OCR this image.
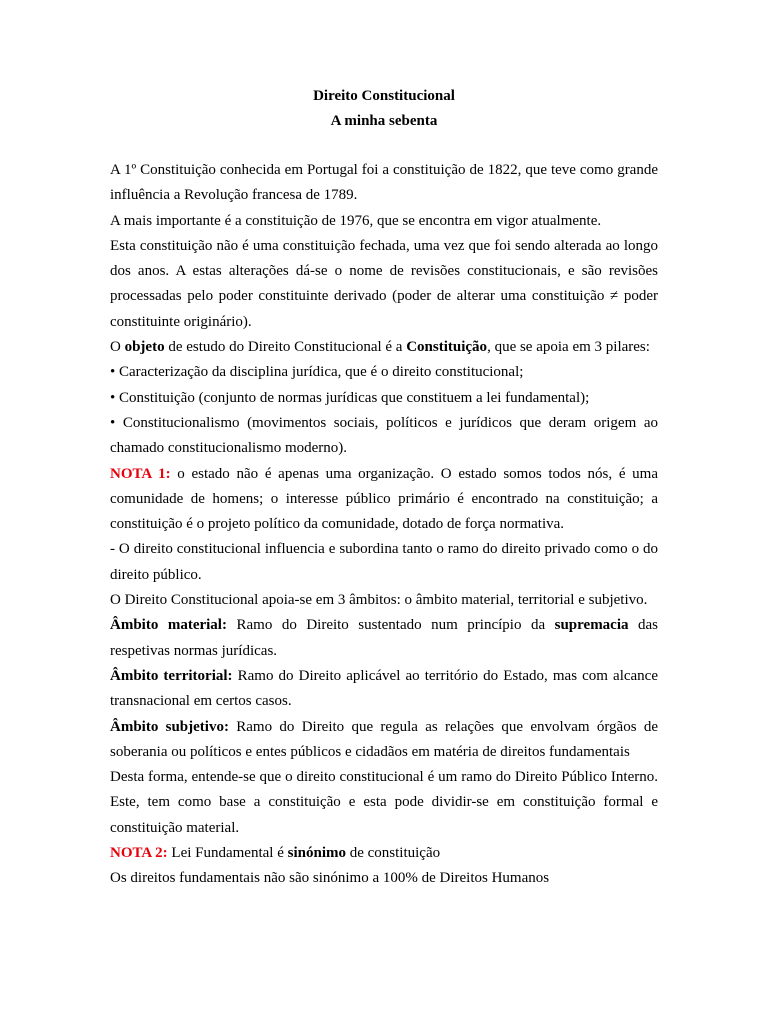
Direito Constitucional

A minha sebenta

A 1º Constituição conhecida em Portugal foi a constituição de 1822, que teve como grande influência a Revolução francesa de 1789.

A mais importante é a constituição de 1976, que se encontra em vigor atualmente.

Esta constituição não é uma constituição fechada, uma vez que foi sendo alterada ao longo dos anos. A estas alterações dá-se o nome de revisões constitucionais, e são revisões processadas pelo poder constituinte derivado (poder de alterar uma constituição ≠ poder constituinte originário).

O objeto de estudo do Direito Constitucional é a Constituição, que se apoia em 3 pilares:

• Caracterização da disciplina jurídica, que é o direito constitucional;

• Constituição (conjunto de normas jurídicas que constituem a lei fundamental);

• Constitucionalismo (movimentos sociais, políticos e jurídicos que deram origem ao chamado constitucionalismo moderno).

NOTA 1: o estado não é apenas uma organização. O estado somos todos nós, é uma comunidade de homens; o interesse público primário é encontrado na constituição; a constituição é o projeto político da comunidade, dotado de força normativa.

- O direito constitucional influencia e subordina tanto o ramo do direito privado como o do direito público.

O Direito Constitucional apoia-se em 3 âmbitos: o âmbito material, territorial e subjetivo.

Âmbito material: Ramo do Direito sustentado num princípio da supremacia das respetivas normas jurídicas.

Âmbito territorial: Ramo do Direito aplicável ao território do Estado, mas com alcance transnacional em certos casos.

Âmbito subjetivo: Ramo do Direito que regula as relações que envolvam órgãos de soberania ou políticos e entes públicos e cidadãos em matéria de direitos fundamentais

Desta forma, entende-se que o direito constitucional é um ramo do Direito Público Interno. Este, tem como base a constituição e esta pode dividir-se em constituição formal e constituição material.

NOTA 2: Lei Fundamental é sinónimo de constituição

Os direitos fundamentais não são sinónimo a 100% de Direitos Humanos
